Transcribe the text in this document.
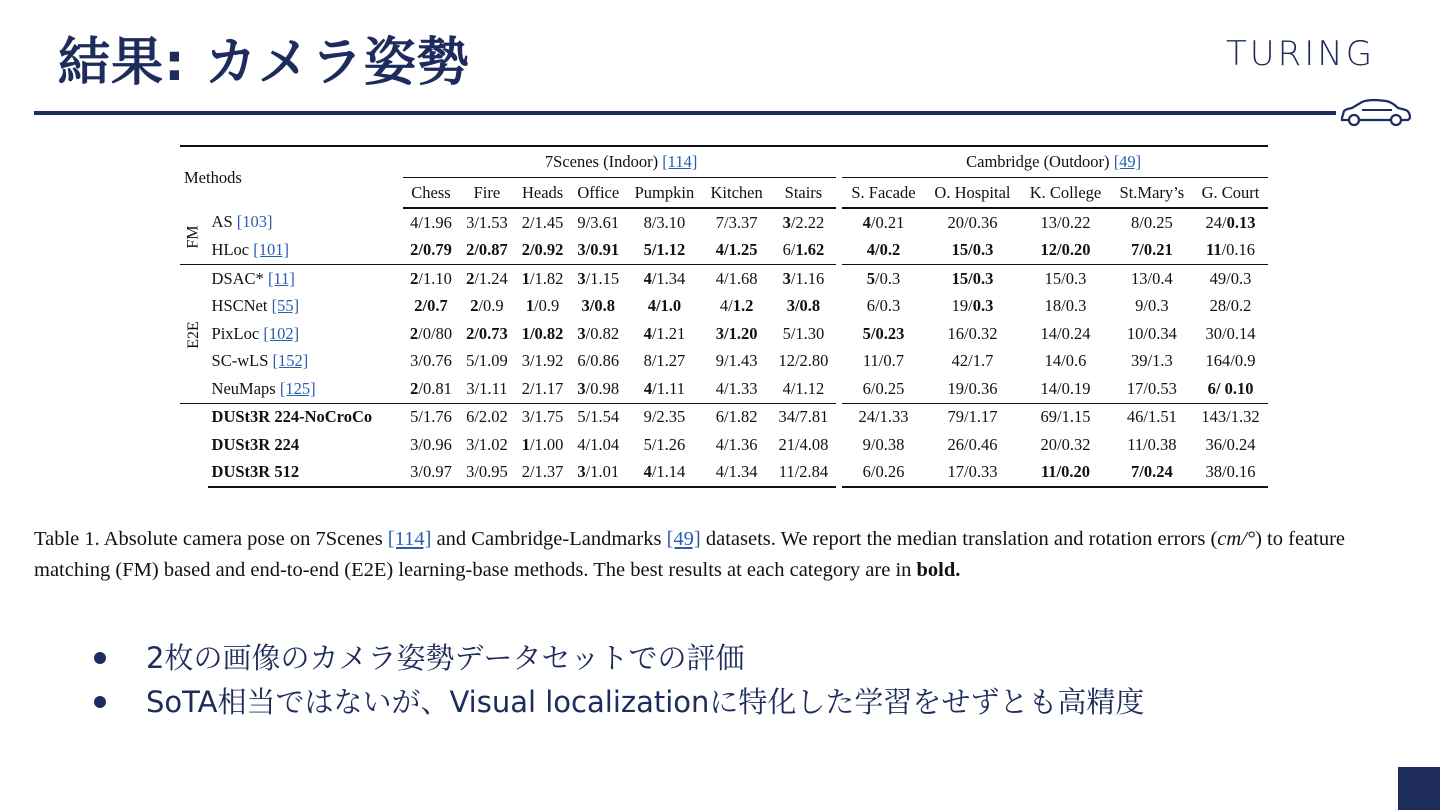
結果: カメラ姿勢	TURING
Methods		7Scenes (Indoor) [114]							Cambridge (Outdoor) [49]				
		Chess	Fire	Heads	Office	Pumpkin	Kitchen	Stairs	S. Facade	O. Hospital	K. College	St.Mary’s	G. Court
FM	AS [103]	4/1.96	3/1.53	2/1.45	9/3.61	8/3.10	7/3.37	3/2.22	4/0.21	20/0.36	13/0.22	8/0.25	24/0.13
	HLoc [101]	2/0.79	2/0.87	2/0.92	3/0.91	5/1.12	4/1.25	6/1.62	4/0.2	15/0.3	12/0.20	7/0.21	11/0.16
E2E	DSAC* [11]	2/1.10	2/1.24	1/1.82	3/1.15	4/1.34	4/1.68	3/1.16	5/0.3	15/0.3	15/0.3	13/0.4	49/0.3
	HSCNet [55]	2/0.7	2/0.9	1/0.9	3/0.8	4/1.0	4/1.2	3/0.8	6/0.3	19/0.3	18/0.3	9/0.3	28/0.2
	PixLoc [102]	2/0/80	2/0.73	1/0.82	3/0.82	4/1.21	3/1.20	5/1.30	5/0.23	16/0.32	14/0.24	10/0.34	30/0.14
	SC-wLS [152]	3/0.76	5/1.09	3/1.92	6/0.86	8/1.27	9/1.43	12/2.80	11/0.7	42/1.7	14/0.6	39/1.3	164/0.9
	NeuMaps [125]	2/0.81	3/1.11	2/1.17	3/0.98	4/1.11	4/1.33	4/1.12	6/0.25	19/0.36	14/0.19	17/0.53	6/ 0.10
	DUSt3R 224-NoCroCo	5/1.76	6/2.02	3/1.75	5/1.54	9/2.35	6/1.82	34/7.81	24/1.33	79/1.17	69/1.15	46/1.51	143/1.32
	DUSt3R 224	3/0.96	3/1.02	1/1.00	4/1.04	5/1.26	4/1.36	21/4.08	9/0.38	26/0.46	20/0.32	11/0.38	36/0.24
	DUSt3R 512	3/0.97	3/0.95	2/1.37	3/1.01	4/1.14	4/1.34	11/2.84	6/0.26	17/0.33	11/0.20	7/0.24	38/0.16
Table 1. Absolute camera pose on 7Scenes [114] and Cambridge-Landmarks [49] datasets. We report the median translation and rotation errors (cm/°) to feature matching (FM) based and end-to-end (E2E) learning-base methods. The best results at each category are in bold.
2枚の画像のカメラ姿勢データセットでの評価
SoTA相当ではないが、Visual localizationに特化した学習をせずとも高精度
